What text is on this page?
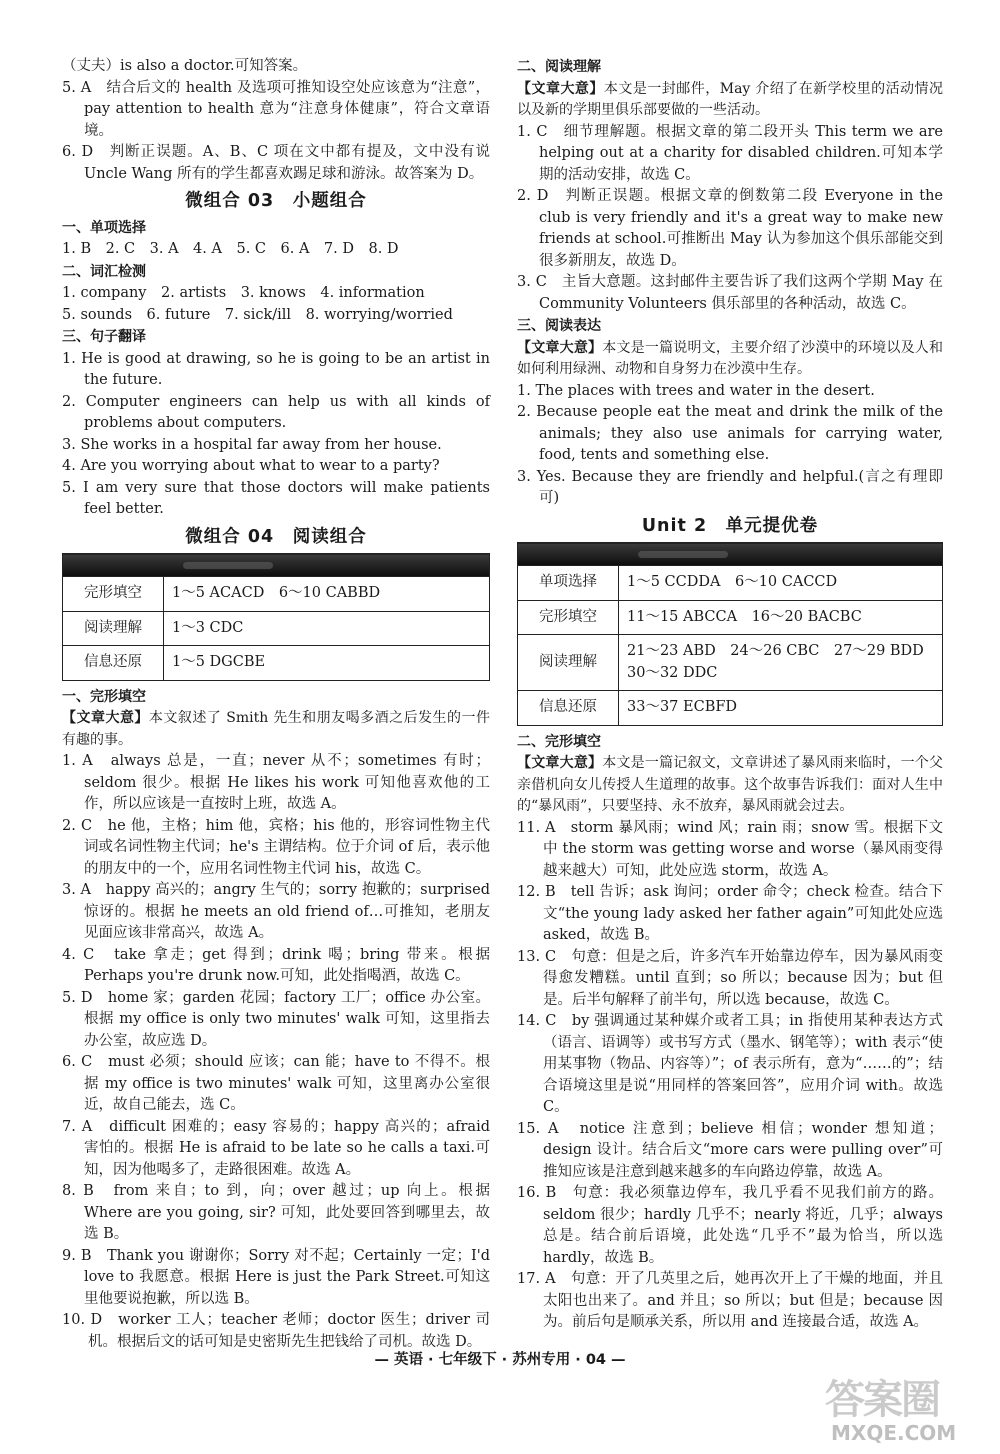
（丈夫）is also a doctor.可知答案。

5. A　结合后文的 health 及选项可推知设空处应该意为“注意”，pay attention to health 意为“注意身体健康”，符合文章语境。

6. D　判断正误题。A、B、C 项在文中都有提及，文中没有说 Uncle Wang 所有的学生都喜欢踢足球和游泳。故答案为 D。

微组合 03　小题组合

一、单项选择

1. B　2. C　3. A　4. A　5. C　6. A　7. D　8. D

二、词汇检测

1. company　2. artists　3. knows　4. information

5. sounds　6. future　7. sick/ill　8. worrying/worried

三、句子翻译

1. He is good at drawing, so he is going to be an artist in the future.

2. Computer engineers can help us with all kinds of problems about computers.

3. She works in a hospital far away from her house.

4. Are you worrying about what to wear to a party?

5. I am very sure that those doctors will make patients feel better.

微组合 04　阅读组合

完形填空	1～5 ACACD　6～10 CABBD
阅读理解	1～3 CDC
信息还原	1～5 DGCBE

一、完形填空

【文章大意】本文叙述了 Smith 先生和朋友喝多酒之后发生的一件有趣的事。

1. A　always 总是，一直；never 从不；sometimes 有时；seldom 很少。根据 He likes his work 可知他喜欢他的工作，所以应该是一直按时上班，故选 A。

2. C　he 他，主格；him 他，宾格；his 他的，形容词性物主代词或名词性物主代词；he's 主谓结构。位于介词 of 后，表示他的朋友中的一个，应用名词性物主代词 his，故选 C。

3. A　happy 高兴的；angry 生气的；sorry 抱歉的；surprised 惊讶的。根据 he meets an old friend of…可推知，老朋友见面应该非常高兴，故选 A。

4. C　take 拿走；get 得到；drink 喝；bring 带来。根据 Perhaps you're drunk now.可知，此处指喝酒，故选 C。

5. D　home 家；garden 花园；factory 工厂；office 办公室。根据 my office is only two minutes' walk 可知，这里指去办公室，故应选 D。

6. C　must 必须；should 应该；can 能；have to 不得不。根据 my office is two minutes' walk 可知，这里离办公室很近，故自己能去，选 C。

7. A　difficult 困难的；easy 容易的；happy 高兴的；afraid 害怕的。根据 He is afraid to be late so he calls a taxi.可知，因为他喝多了，走路很困难。故选 A。

8. B　from 来自；to 到，向；over 越过；up 向上。根据 Where are you going, sir? 可知，此处要回答到哪里去，故选 B。

9. B　Thank you 谢谢你；Sorry 对不起；Certainly 一定；I'd love to 我愿意。根据 Here is just the Park Street.可知这里他要说抱歉，所以选 B。

10. D　worker 工人；teacher 老师；doctor 医生；driver 司机。根据后文的话可知是史密斯先生把钱给了司机。故选 D。

二、阅读理解

【文章大意】本文是一封邮件，May 介绍了在新学校里的活动情况以及新的学期里俱乐部要做的一些活动。

1. C　细节理解题。根据文章的第二段开头 This term we are helping out at a charity for disabled children.可知本学期的活动安排，故选 C。

2. D　判断正误题。根据文章的倒数第二段 Everyone in the club is very friendly and it's a great way to make new friends at school.可推断出 May 认为参加这个俱乐部能交到很多新朋友，故选 D。

3. C　主旨大意题。这封邮件主要告诉了我们这两个学期 May 在 Community Volunteers 俱乐部里的各种活动，故选 C。

三、阅读表达

【文章大意】本文是一篇说明文，主要介绍了沙漠中的环境以及人和如何利用绿洲、动物和自身努力在沙漠中生存。

1. The places with trees and water in the desert.

2. Because people eat the meat and drink the milk of the animals; they also use animals for carrying water, food, tents and something else.

3. Yes. Because they are friendly and helpful.(言之有理即可)

Unit 2　单元提优卷

单项选择	1～5 CCDDA　6～10 CACCD
完形填空	11～15 ABCCA　16～20 BACBC
阅读理解	21～23 ABD　24～26 CBC　27～29 BDD　30～32 DDC
信息还原	33～37 ECBFD

二、完形填空

【文章大意】本文是一篇记叙文，文章讲述了暴风雨来临时，一个父亲借机向女儿传授人生道理的故事。这个故事告诉我们：面对人生中的“暴风雨”，只要坚持、永不放弃，暴风雨就会过去。

11. A　storm 暴风雨；wind 风；rain 雨；snow 雪。根据下文中 the storm was getting worse and worse（暴风雨变得越来越大）可知，此处应选 storm，故选 A。

12. B　tell 告诉；ask 询问；order 命令；check 检查。结合下文“the young lady asked her father again”可知此处应选 asked，故选 B。

13. C　句意：但是之后，许多汽车开始靠边停车，因为暴风雨变得愈发糟糕。until 直到；so 所以；because 因为；but 但是。后半句解释了前半句，所以选 because，故选 C。

14. C　by 强调通过某种媒介或者工具；in 指使用某种表达方式（语言、语调等）或书写方式（墨水、钢笔等）；with 表示“使用某事物（物品、内容等）”；of 表示所有，意为“……的”；结合语境这里是说“用同样的答案回答”，应用介词 with。故选 C。

15. A　notice 注意到；believe 相信；wonder 想知道；design 设计。结合后文“more cars were pulling over”可推知应该是注意到越来越多的车向路边停靠，故选 A。

16. B　句意：我必须靠边停车，我几乎看不见我们前方的路。seldom 很少；hardly 几乎不；nearly 将近，几乎；always 总是。结合前后语境，此处选“几乎不”最为恰当，所以选 hardly，故选 B。

17. A　句意：开了几英里之后，她再次开上了干燥的地面，并且太阳也出来了。and 并且；so 所以；but 但是；because 因为。前后句是顺承关系，所以用 and 连接最合适，故选 A。

— 英语 · 七年级下 · 苏州专用 · 04 —
答案圈
MXQE.COM
